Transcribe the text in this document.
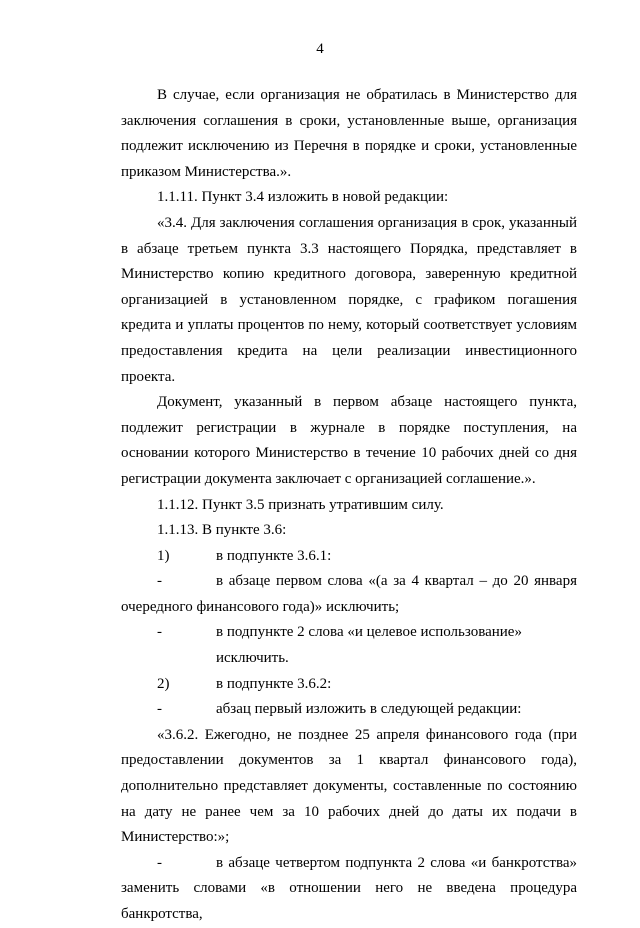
4

В случае, если организация не обратилась в Министерство для заключения соглашения в сроки, установленные выше, организация подлежит исключению из Перечня в порядке и сроки, установленные приказом Министерства.».

1.1.11. Пункт 3.4 изложить в новой редакции:

«3.4. Для заключения соглашения организация в срок, указанный в абзаце третьем пункта 3.3 настоящего Порядка, представляет в Министерство копию кредитного договора, заверенную кредитной организацией в установленном порядке, с графиком погашения кредита и уплаты процентов по нему, который соответствует условиям предоставления кредита на цели реализации инвестиционного проекта.

Документ, указанный в первом абзаце настоящего пункта, подлежит регистрации в журнале в порядке поступления, на основании которого Министерство в течение 10 рабочих дней со дня регистрации документа заключает с организацией соглашение.».

1.1.12. Пункт 3.5 признать утратившим силу.

1.1.13. В пункте 3.6:

1)	в подпункте 3.6.1:

-	в абзаце первом слова «(а за 4 квартал – до 20 января очередного финансового года)» исключить;

-	в подпункте 2 слова «и целевое использование» исключить.
2)	в подпункте 3.6.2:
-	абзац первый изложить в следующей редакции:

«3.6.2. Ежегодно, не позднее 25 апреля финансового года (при предоставлении документов за 1 квартал финансового года), дополнительно представляет документы, составленные по состоянию на дату не ранее чем за 10 рабочих дней до даты их подачи в Министерство:»;

-	в абзаце четвертом подпункта 2 слова «и банкротства» заменить словами «в отношении него не введена процедура банкротства,
